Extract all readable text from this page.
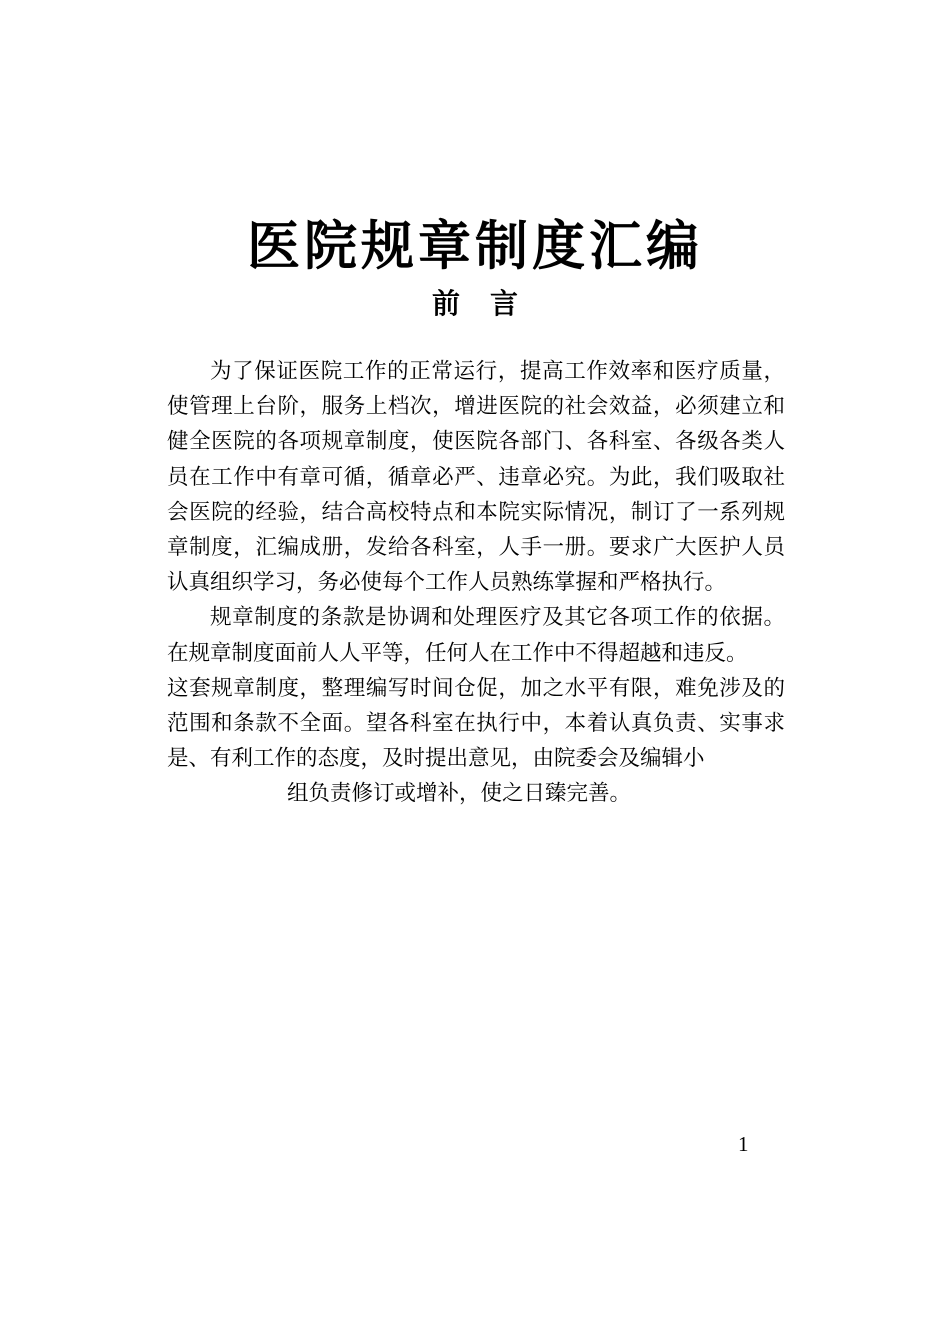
医院规章制度汇编
前言

为了保证医院工作的正常运行，提高工作效率和医疗质量，使管理上台阶，服务上档次，增进医院的社会效益，必须建立和健全医院的各项规章制度，使医院各部门、各科室、各级各类人员在工作中有章可循，循章必严、违章必究。为此，我们吸取社会医院的经验，结合高校特点和本院实际情况，制订了一系列规章制度，汇编成册，发给各科室，人手一册。要求广大医护人员认真组织学习，务必使每个工作人员熟练掌握和严格执行。

规章制度的条款是协调和处理医疗及其它各项工作的依据。在规章制度面前人人平等，任何人在工作中不得超越和违反。

这套规章制度，整理编写时间仓促，加之水平有限，难免涉及的范围和条款不全面。望各科室在执行中，本着认真负责、实事求是、有利工作的态度，及时提出意见，由院委会及编辑小
组负责修订或增补，使之日臻完善。

1
